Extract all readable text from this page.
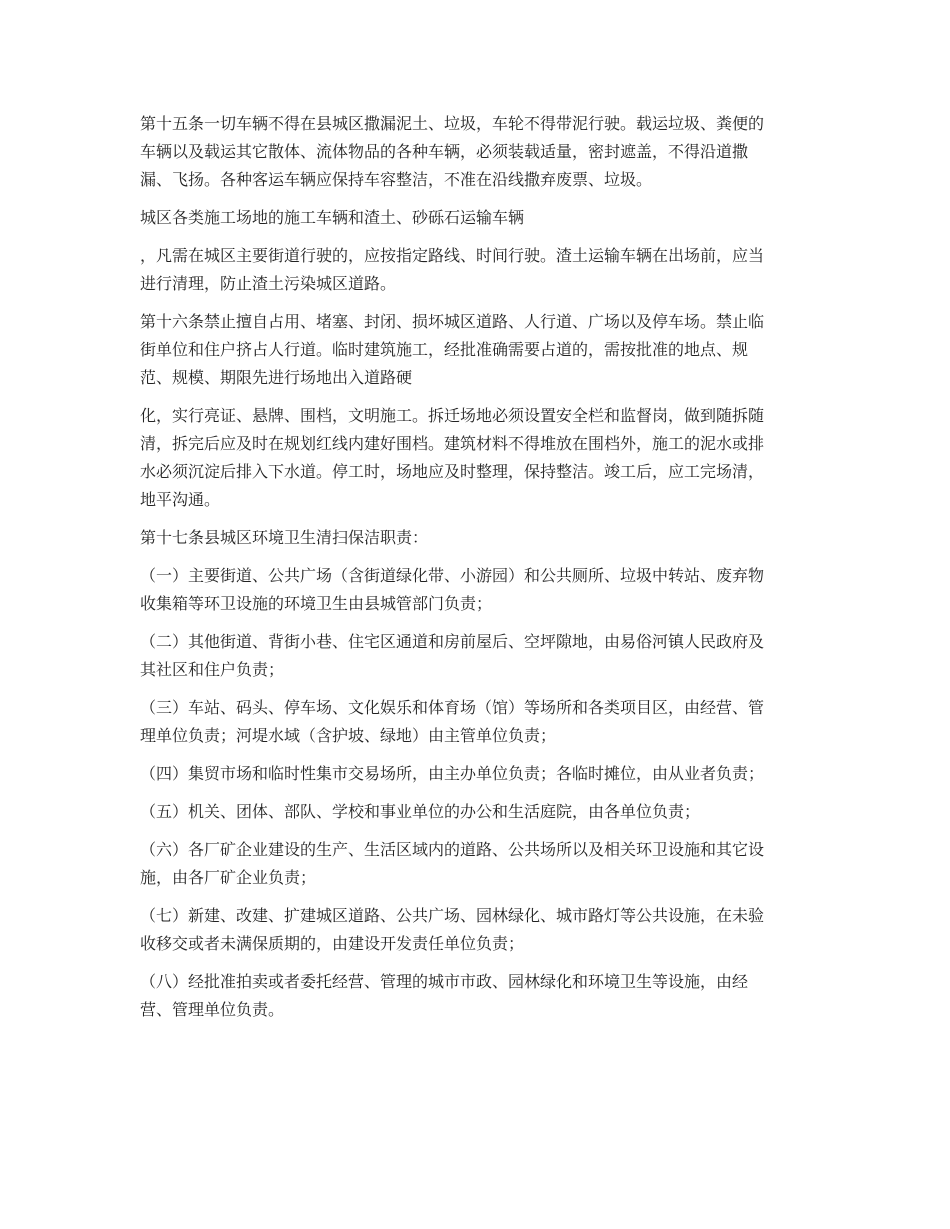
第十五条一切车辆不得在县城区撒漏泥土、垃圾，车轮不得带泥行驶。载运垃圾、粪便的
车辆以及载运其它散体、流体物品的各种车辆，必须装载适量，密封遮盖，不得沿道撒
漏、飞扬。各种客运车辆应保持车容整洁，不准在沿线撒弃废票、垃圾。

城区各类施工场地的施工车辆和渣土、砂砾石运输车辆

，凡需在城区主要街道行驶的，应按指定路线、时间行驶。渣土运输车辆在出场前，应当
进行清理，防止渣土污染城区道路。

第十六条禁止擅自占用、堵塞、封闭、损坏城区道路、人行道、广场以及停车场。禁止临
街单位和住户挤占人行道。临时建筑施工，经批准确需要占道的，需按批准的地点、规
范、规模、期限先进行场地出入道路硬

化，实行亮证、悬牌、围档，文明施工。拆迁场地必须设置安全栏和监督岗，做到随拆随
清，拆完后应及时在规划红线内建好围档。建筑材料不得堆放在围档外，施工的泥水或排
水必须沉淀后排入下水道。停工时，场地应及时整理，保持整洁。竣工后，应工完场清，
地平沟通。

第十七条县城区环境卫生清扫保洁职责：

（一）主要街道、公共广场（含街道绿化带、小游园）和公共厕所、垃圾中转站、废弃物
收集箱等环卫设施的环境卫生由县城管部门负责；

（二）其他街道、背街小巷、住宅区通道和房前屋后、空坪隙地，由易俗河镇人民政府及
其社区和住户负责；

（三）车站、码头、停车场、文化娱乐和体育场（馆）等场所和各类项目区，由经营、管
理单位负责；河堤水域（含护坡、绿地）由主管单位负责；

（四）集贸市场和临时性集市交易场所，由主办单位负责；各临时摊位，由从业者负责；

（五）机关、团体、部队、学校和事业单位的办公和生活庭院，由各单位负责；

（六）各厂矿企业建设的生产、生活区域内的道路、公共场所以及相关环卫设施和其它设
施，由各厂矿企业负责；

（七）新建、改建、扩建城区道路、公共广场、园林绿化、城市路灯等公共设施，在未验
收移交或者未满保质期的，由建设开发责任单位负责；

（八）经批准拍卖或者委托经营、管理的城市市政、园林绿化和环境卫生等设施，由经
营、管理单位负责。
